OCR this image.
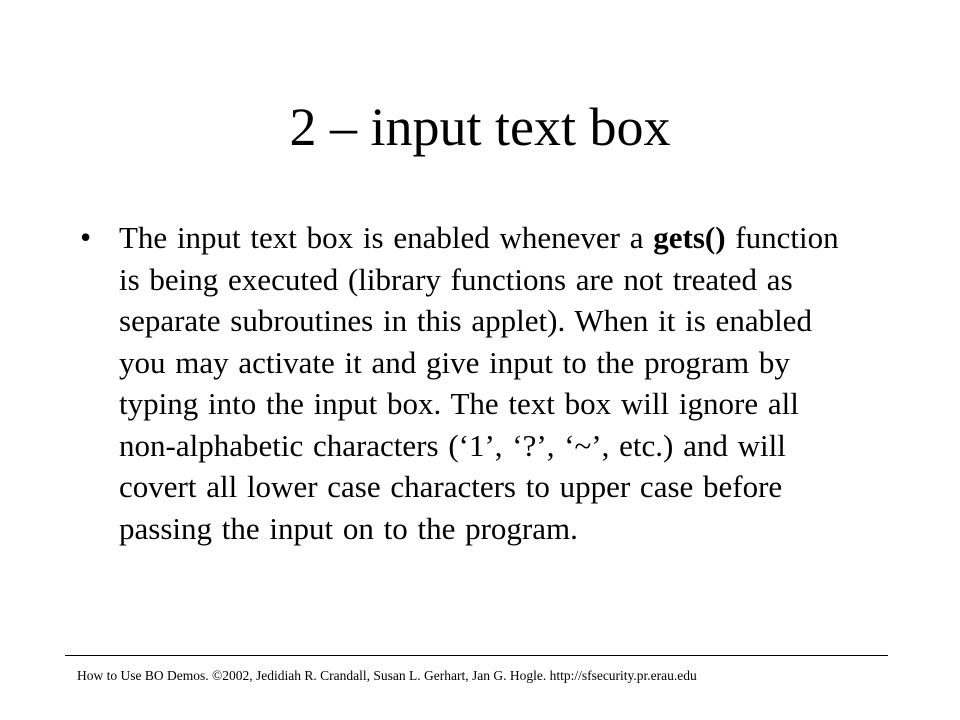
2 – input text box
• The input text box is enabled whenever a gets() function is being executed (library functions are not treated as separate subroutines in this applet). When it is enabled you may activate it and give input to the program by typing into the input box. The text box will ignore all non-alphabetic characters (‘1’, ‘?’, ‘~’, etc.) and will covert all lower case characters to upper case before passing the input on to the program.

How to Use BO Demos. ©2002, Jedidiah R. Crandall, Susan L. Gerhart, Jan G. Hogle. http://sfsecurity.pr.erau.edu
